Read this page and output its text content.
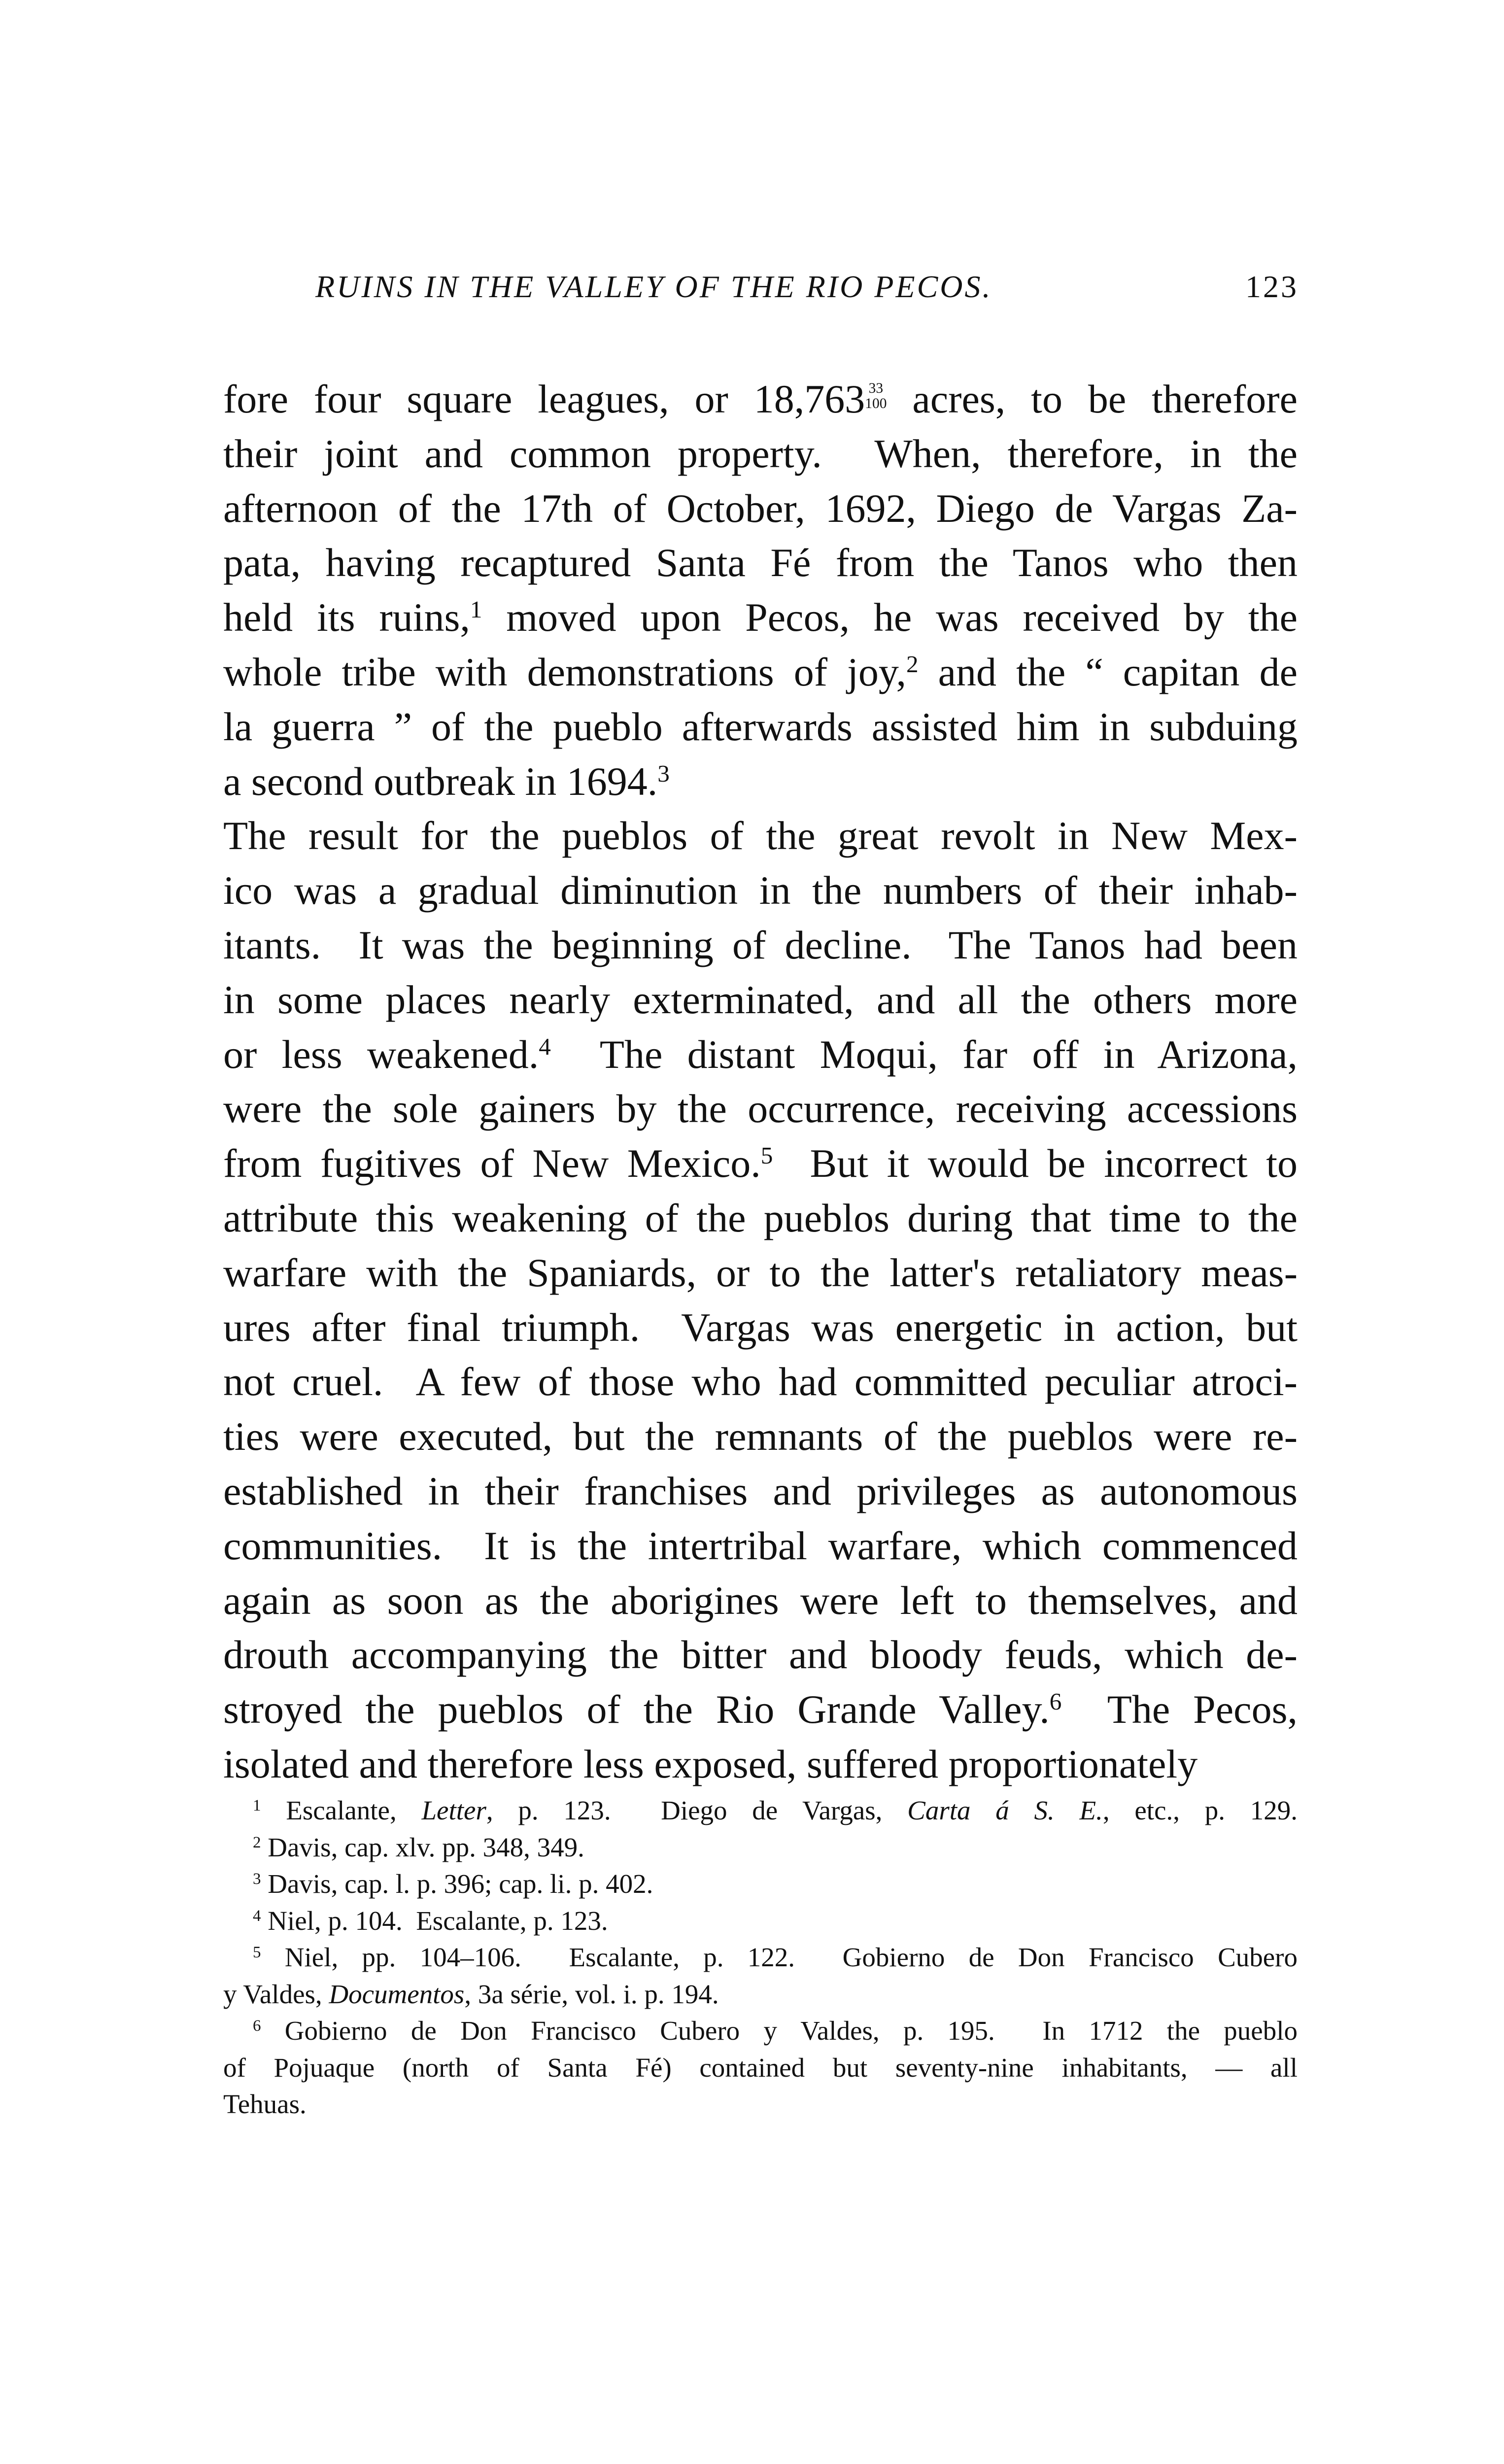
RUINS IN THE VALLEY OF THE RIO PECOS.	123
fore four square leagues, or 18,763 33
100 acres, to be therefore
their joint and common property.  When, therefore, in the
afternoon of the 17th of October, 1692, Diego de Vargas Za-
pata, having recaptured Santa Fé from the Tanos who then
held its ruins,$^1$ moved upon Pecos, he was received by the
whole tribe with demonstrations of joy,$^2$ and the “ capitan de
la guerra ” of the pueblo afterwards assisted him in subduing
a second outbreak in 1694.$^3$
The result for the pueblos of the great revolt in New Mex-
ico was a gradual diminution in the numbers of their inhab-
itants.  It was the beginning of decline.  The Tanos had been
in some places nearly exterminated, and all the others more
or less weakened.$^4$  The distant Moqui, far off in Arizona,
were the sole gainers by the occurrence, receiving accessions
from fugitives of New Mexico.$^5$  But it would be incorrect to
attribute this weakening of the pueblos during that time to the
warfare with the Spaniards, or to the latter's retaliatory meas-
ures after final triumph.  Vargas was energetic in action, but
not cruel.  A few of those who had committed peculiar atroci-
ties were executed, but the remnants of the pueblos were re-
established in their franchises and privileges as autonomous
communities.  It is the intertribal warfare, which commenced
again as soon as the aborigines were left to themselves, and
drouth accompanying the bitter and bloody feuds, which de-
stroyed the pueblos of the Rio Grande Valley.$^6$  The Pecos,
isolated and therefore less exposed, suffered proportionately
$^1$ Escalante, Letter, p. 123.  Diego de Vargas, Carta á S. E., etc., p. 129.
$^2$ Davis, cap. xlv. pp. 348, 349.
$^3$ Davis, cap. l. p. 396; cap. li. p. 402.
$^4$ Niel, p. 104.  Escalante, p. 123.
$^5$ Niel, pp. 104–106.  Escalante, p. 122.  Gobierno de Don Francisco Cubero
y Valdes, Documentos, 3a série, vol. i. p. 194.
$^6$ Gobierno de Don Francisco Cubero y Valdes, p. 195.  In 1712 the pueblo
of Pojuaque (north of Santa Fé) contained but seventy-nine inhabitants, — all
Tehuas.
